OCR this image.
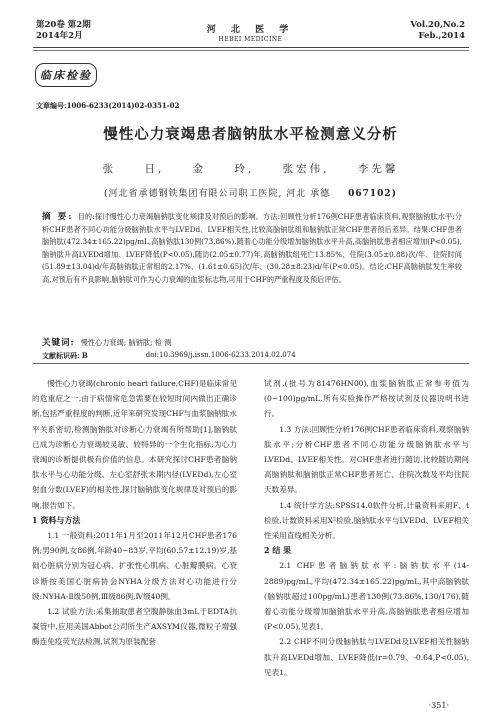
第20卷 第2期
2014年2月
河 北 医 学
HEBEI MEDICINE
Vol.20,No.2
Feb.,2014
临床检验
文章编号:1006-6233(2014)02-0351-02
慢性心力衰竭患者脑钠肽水平检测意义分析
张 日, 金 玲, 张宏伟, 李先馨
(河北省承德钢铁集团有限公司职工医院, 河北 承德 067102)
摘 要: 目的:探讨慢性心力衰竭脑钠肽变化规律及对预后的影响。方法:回顾性分析176例CHF患者临床资料,观察脑钠肽水平;分析CHF患者不同心功能分级脑钠肽水平与LVEDd、LVEF相关性,比较高脑钠肽组和脑钠肽正常CHF患者预后差异。结果:CHF患者脑钠肽(472.34±165.22)pg/mL,高脑钠肽130例(73.86%),随着心功能分级增加脑钠肽水平升高,高脑钠肽患者相应增加(P<0.05),脑钠肽升高LVEDd增加、LVEF降低(P<0.05),随访(2.05±0.77)年,高脑钠肽组死亡13.85%、住院(3.05±0.88)次/年、住院时间(51.89±13.04)d/年高脑钠肽正常组的2.17%、(1.61±0.65)次/年、(30.28±8.23)d/年(P<0.05)。结论:CHF高脑钠肽发生率较高,对预后有不良影响,脑钠肽可作为心力衰竭的血浆标志物,可用于CHF的严重程度及预后评估。
关键词: 慢性心力衰竭; 脑钠肽; 检 测
文献标识码: B	doi:10.3969/j.issn.1006-6233.2014.02.074

慢性心力衰竭(chronic heart failure,CHF)是临床常见的危重症之一,由于病情常危急需要在较短时间内做出正确诊断,包括严重程度的判断,近年来研究发现CHF与血浆脑钠肽水平关系密切,检测脑钠肽对诊断心力衰竭有所帮助[1],脑钠肽已成为诊断心力衰竭较灵敏、较特异的一个生化指标,为心力衰竭的诊断提供极有价值的信息。本研究探讨CHF患者脑钠肽水平与心功能分级、左心室舒张末期内径(LVEDd),左心室射血分数(LVEF)的相关性,探讨脑钠肽变化规律及对预后的影响,报告如下。

1 资料与方法

1.1 一般资料:2011年1月至2011年12月CHF患者176例;男90例,女86例,年龄40~83岁,平均(60.57±12.19)岁,基础心脏病分别为冠心病、扩张性心肌病、心脏瓣膜病。心衰诊断按美国心脏病协会NYHA分级方法对心功能进行分级:NYHA-Ⅱ级50例,Ⅲ级86例,Ⅳ级40例。

1.2 试验方法:采集抽取患者空腹静脉血3mL于EDTA抗凝管中,应用美国Abbot公司所生产AXSYM仪器,微粒子增强酶连免疫荧光法检测,试剂为原装配套

试剂,(批号为81476HN00),血浆脑钠肽正常参考值为(0~100)pg/mL,所有实验操作严格按试剂及仪器说明书进行。

1.3 方法:回顾性分析176例CHF患者临床资料,观察脑钠肽水平;分析CHF患者不同心功能分级脑钠肽水平与LVEDd、LVEF相关性。对CHF患者进行随访,比较随访期间高脑钠肽和脑钠肽正常CHF患者死亡、住院次数及平均住院天数差异。

1.4 统计学方法:SPSS14.0软件分析,计量资料采用F、t检验,计数资料采用X²检验,脑钠肽水平与LVEDd、LVEF相关性采用直线相关分析。

2 结 果

2.1 CHF患者脑钠肽水平:脑钠肽水平(14-2889)pg/mL,平均(472.34±165.22)pg/mL,其中高脑钠肽(脑钠肽超过100pg/mL)患者130例(73.86%,130/176),随着心功能分级增加脑钠肽水平升高,高脑钠肽患者相应增加(P<0.05),见表1。

2.2 CHF不同分级脑钠肽与LVEDd及LVEF相关性脑钠肽升高LVEDd增加、LVEF降低(r=0.79、-0.64,P<0.05),见表1。

·351·
